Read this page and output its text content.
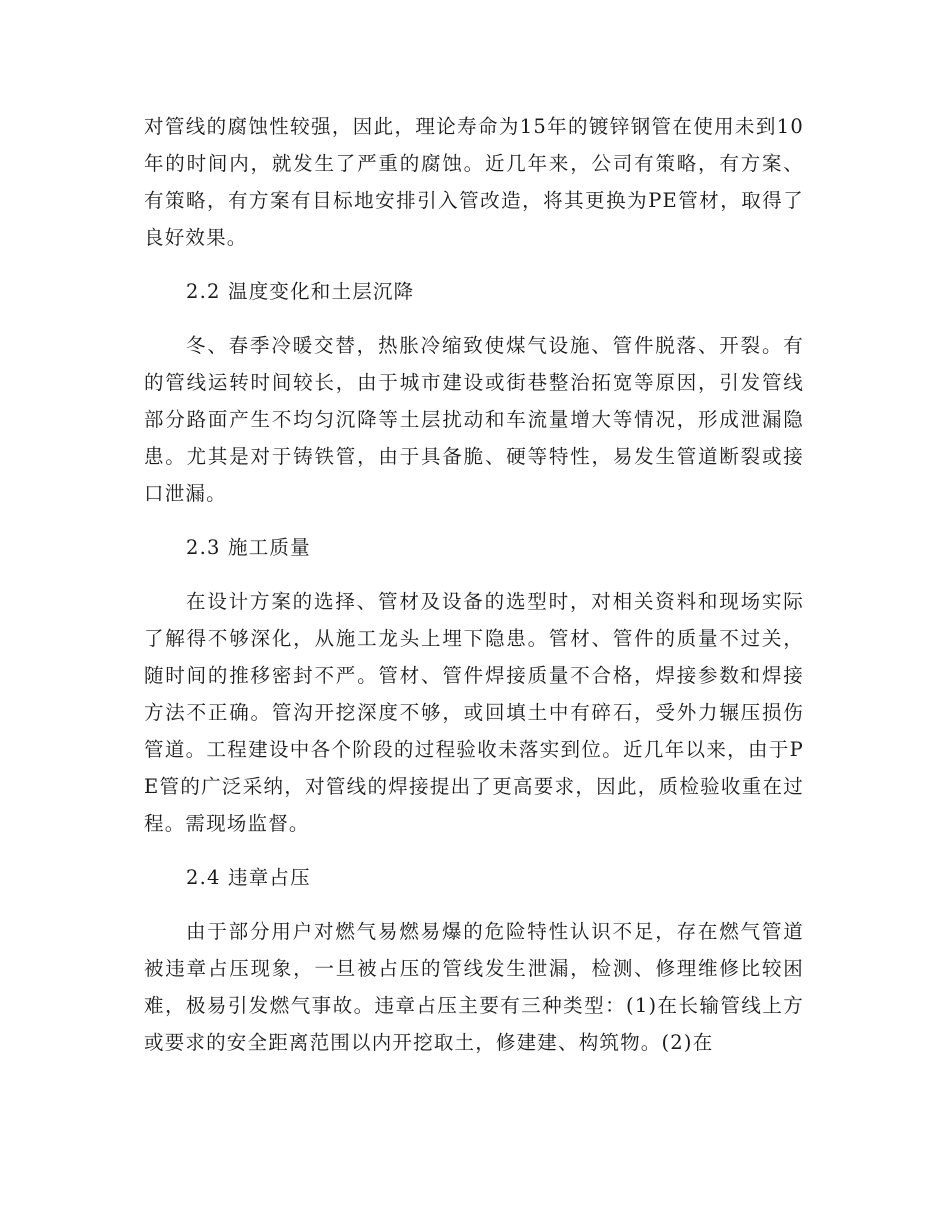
对管线的腐蚀性较强，因此，理论寿命为15年的镀锌钢管在使用未到10年的时间内，就发生了严重的腐蚀。近几年来，公司有策略，有方案、有策略，有方案有目标地安排引入管改造，将其更换为PE管材，取得了良好效果。

2.2 温度变化和土层沉降

冬、春季冷暖交替，热胀冷缩致使煤气设施、管件脱落、开裂。有的管线运转时间较长，由于城市建设或街巷整治拓宽等原因，引发管线部分路面产生不均匀沉降等土层扰动和车流量增大等情况，形成泄漏隐患。尤其是对于铸铁管，由于具备脆、硬等特性，易发生管道断裂或接口泄漏。

2.3 施工质量

在设计方案的选择、管材及设备的选型时，对相关资料和现场实际了解得不够深化，从施工龙头上埋下隐患。管材、管件的质量不过关，随时间的推移密封不严。管材、管件焊接质量不合格，焊接参数和焊接方法不正确。管沟开挖深度不够，或回填土中有碎石，受外力辗压损伤管道。工程建设中各个阶段的过程验收未落实到位。近几年以来，由于PE管的广泛采纳，对管线的焊接提出了更高要求，因此，质检验收重在过程。需现场监督。

2.4 违章占压

由于部分用户对燃气易燃易爆的危险特性认识不足，存在燃气管道被违章占压现象，一旦被占压的管线发生泄漏，检测、修理维修比较困难，极易引发燃气事故。违章占压主要有三种类型：(1)在长输管线上方或要求的安全距离范围以内开挖取土，修建建、构筑物。(2)在
